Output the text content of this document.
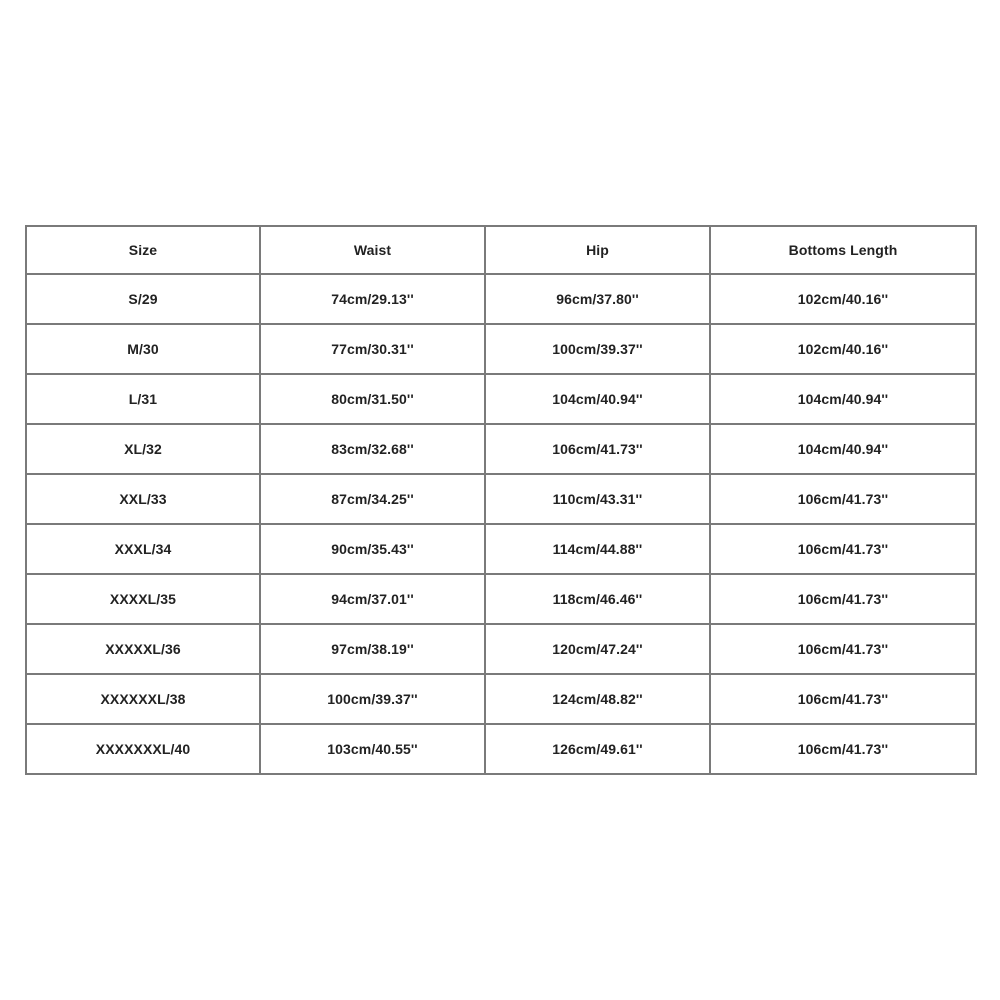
Size	Waist	Hip	Bottoms Length
S/29	74cm/29.13''	96cm/37.80''	102cm/40.16''
M/30	77cm/30.31''	100cm/39.37''	102cm/40.16''
L/31	80cm/31.50''	104cm/40.94''	104cm/40.94''
XL/32	83cm/32.68''	106cm/41.73''	104cm/40.94''
XXL/33	87cm/34.25''	110cm/43.31''	106cm/41.73''
XXXL/34	90cm/35.43''	114cm/44.88''	106cm/41.73''
XXXXL/35	94cm/37.01''	118cm/46.46''	106cm/41.73''
XXXXXL/36	97cm/38.19''	120cm/47.24''	106cm/41.73''
XXXXXXL/38	100cm/39.37''	124cm/48.82''	106cm/41.73''
XXXXXXXL/40	103cm/40.55''	126cm/49.61''	106cm/41.73''
